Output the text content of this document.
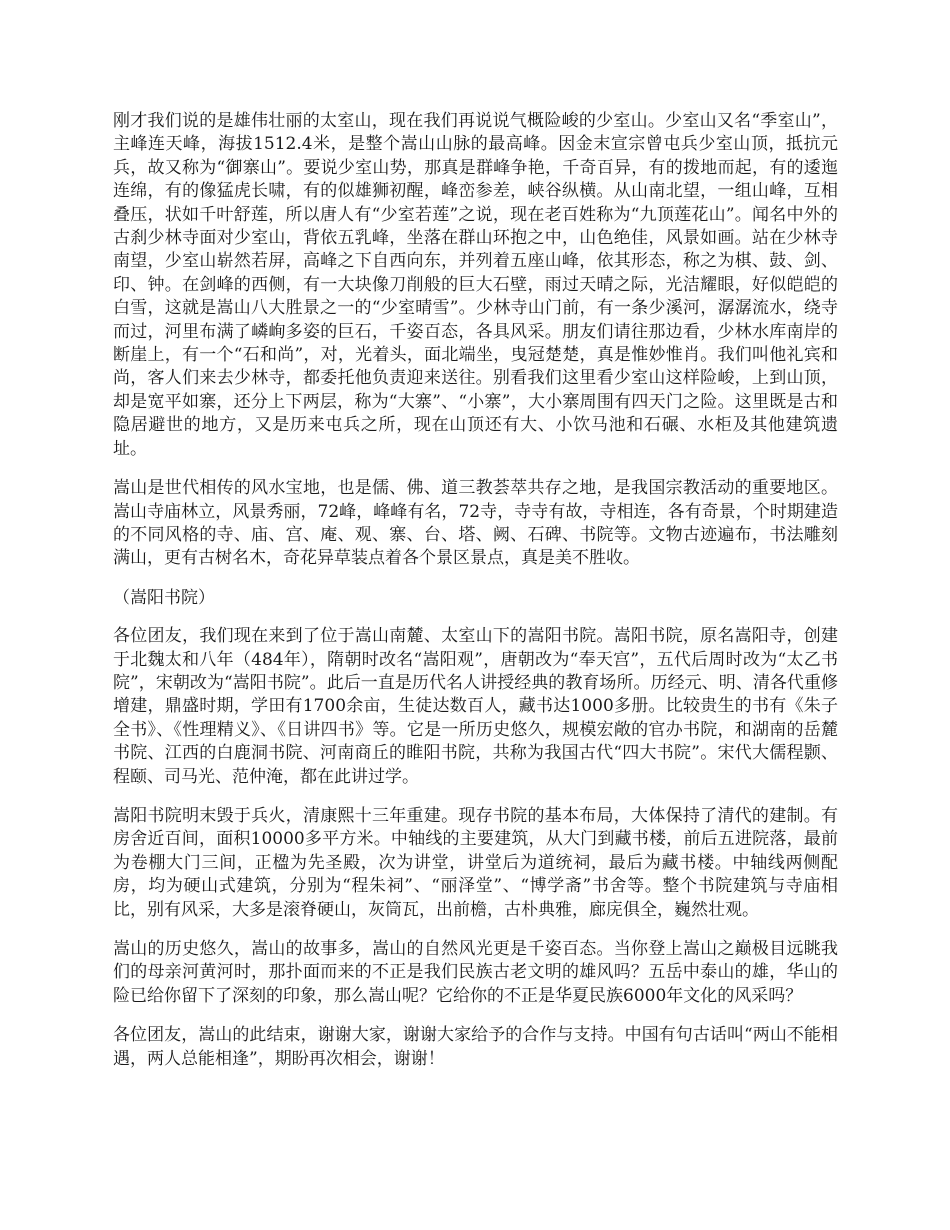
刚才我们说的是雄伟壮丽的太室山，现在我们再说说气概险峻的少室山。少室山又名“季室山”，主峰连天峰，海拔1512.4米，是整个嵩山山脉的最高峰。因金末宣宗曾屯兵少室山顶，抵抗元兵，故又称为“御寨山”。要说少室山势，那真是群峰争艳，千奇百异，有的拨地而起，有的逶迤连绵，有的像猛虎长啸，有的似雄狮初醒，峰峦参差，峡谷纵横。从山南北望，一组山峰，互相叠压，状如千叶舒莲，所以唐人有“少室若莲”之说，现在老百姓称为“九顶莲花山”。闻名中外的古刹少林寺面对少室山，背依五乳峰，坐落在群山环抱之中，山色绝佳，风景如画。站在少林寺南望，少室山崭然若屏，高峰之下自西向东，并列着五座山峰，依其形态，称之为棋、鼓、剑、印、钟。在剑峰的西侧，有一大块像刀削般的巨大石壁，雨过天晴之际，光洁耀眼，好似皑皑的白雪，这就是嵩山八大胜景之一的“少室晴雪”。少林寺山门前，有一条少溪河，潺潺流水，绕寺而过，河里布满了嶙峋多姿的巨石，千姿百态，各具风采。朋友们请往那边看，少林水库南岸的断崖上，有一个“石和尚”，对，光着头，面北端坐，曳冠楚楚，真是惟妙惟肖。我们叫他礼宾和尚，客人们来去少林寺，都委托他负责迎来送往。别看我们这里看少室山这样险峻，上到山顶，却是宽平如寨，还分上下两层，称为“大寨”、“小寨”，大小寨周围有四天门之险。这里既是古和隐居避世的地方，又是历来屯兵之所，现在山顶还有大、小饮马池和石碾、水柜及其他建筑遗址。

嵩山是世代相传的风水宝地，也是儒、佛、道三教荟萃共存之地，是我国宗教活动的重要地区。嵩山寺庙林立，风景秀丽，72峰，峰峰有名，72寺，寺寺有故，寺相连，各有奇景，个时期建造的不同风格的寺、庙、宫、庵、观、寨、台、塔、阙、石碑、书院等。文物古迹遍布，书法雕刻满山，更有古树名木，奇花异草装点着各个景区景点，真是美不胜收。

（嵩阳书院）

各位团友，我们现在来到了位于嵩山南麓、太室山下的嵩阳书院。嵩阳书院，原名嵩阳寺，创建于北魏太和八年（484年），隋朝时改名“嵩阳观”，唐朝改为“奉天宫”，五代后周时改为“太乙书院”，宋朝改为“嵩阳书院”。此后一直是历代名人讲授经典的教育场所。历经元、明、清各代重修增建，鼎盛时期，学田有1700余亩，生徒达数百人，藏书达1000多册。比较贵生的书有《朱子全书》、《性理精义》、《日讲四书》等。它是一所历史悠久，规模宏敞的官办书院，和湖南的岳麓书院、江西的白鹿洞书院、河南商丘的睢阳书院，共称为我国古代“四大书院”。宋代大儒程颢、程颐、司马光、范仲淹，都在此讲过学。

嵩阳书院明末毁于兵火，清康熙十三年重建。现存书院的基本布局，大体保持了清代的建制。有房舍近百间，面积10000多平方米。中轴线的主要建筑，从大门到藏书楼，前后五进院落，最前为卷棚大门三间，正楹为先圣殿，次为讲堂，讲堂后为道统祠，最后为藏书楼。中轴线两侧配房，均为硬山式建筑，分别为“程朱祠”、“丽泽堂”、“博学斋”书舍等。整个书院建筑与寺庙相比，别有风采，大多是滚脊硬山，灰筒瓦，出前檐，古朴典雅，廊庑俱全，巍然壮观。

嵩山的历史悠久，嵩山的故事多，嵩山的自然风光更是千姿百态。当你登上嵩山之巅极目远眺我们的母亲河黄河时，那扑面而来的不正是我们民族古老文明的雄风吗？五岳中泰山的雄，华山的险已给你留下了深刻的印象，那么嵩山呢？它给你的不正是华夏民族6000年文化的风采吗？

各位团友，嵩山的此结束，谢谢大家，谢谢大家给予的合作与支持。中国有句古话叫“两山不能相遇，两人总能相逢”，期盼再次相会，谢谢！
